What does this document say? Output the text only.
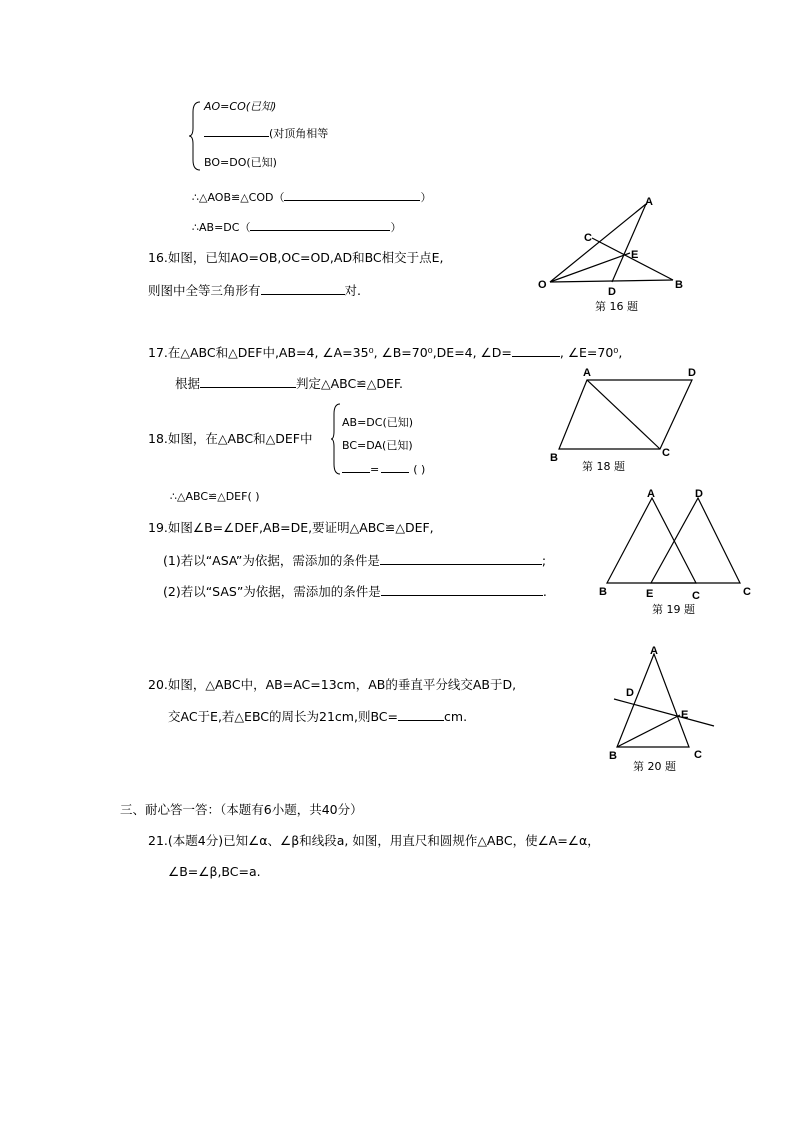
AO=CO(已知)
(对顶角相等
BO=DO(已知)
∴△AOB≌△COD（	）
∴AB=DC（	）
16.如图，已知AO=OB,OC=OD,AD和BC相交于点E,
则图中全等三角形有	对.
A
C
E
O	B
D
第 16 题
17.在△ABC和△DEF中,AB=4, ∠A=35⁰, ∠B=70⁰,DE=4, ∠D=	, ∠E=70⁰,
根据	判定△ABC≌△DEF.
A	D
B	C
第 18 题
18.如图，在△ABC和△DEF中
AB=DC(已知)
BC=DA(已知)
=	( )
∴△ABC≌△DEF( )
19.如图∠B=∠DEF,AB=DE,要证明△ABC≌△DEF,
(1)若以“ASA”为依据，需添加的条件是	;
(2)若以“SAS”为依据，需添加的条件是	.
A	D
B	E	C	C
第 19 题
20.如图，△ABC中，AB=AC=13cm，AB的垂直平分线交AB于D,
交AC于E,若△EBC的周长为21cm,则BC=	cm.
A
D
E
B	C
第 20 题
三、耐心答一答：（本题有6小题，共40分）
21.(本题4分)已知∠α、∠β和线段a, 如图，用直尺和圆规作△ABC，使∠A=∠α，
∠B=∠β,BC=a.
